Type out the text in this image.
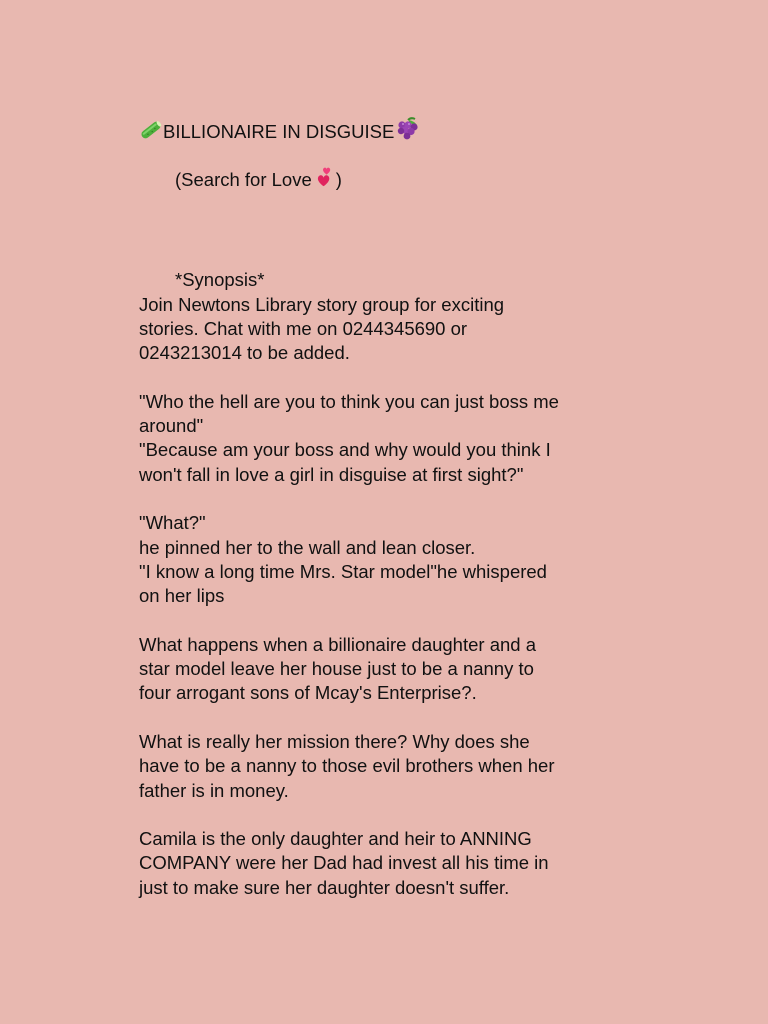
BILLIONAIRE IN DISGUISE
(Search for Love )
*Synopsis*
Join Newtons Library story group for exciting
stories. Chat with me on 0244345690 or
0243213014 to be added.
"Who the hell are you to think you can just boss me
around"
"Because am your boss and why would you think I
won't fall in love a girl in disguise at first sight?"
"What?"
he pinned her to the wall and lean closer.
"I know a long time Mrs. Star model"he whispered
on her lips
What happens when a billionaire daughter and a
star model leave her house just to be a nanny to
four arrogant sons of Mcay's Enterprise?.
What is really her mission there? Why does she
have to be a nanny to those evil brothers when her
father is in money.
Camila is the only daughter and heir to ANNING
COMPANY were her Dad had invest all his time in
just to make sure her daughter doesn't suffer.
